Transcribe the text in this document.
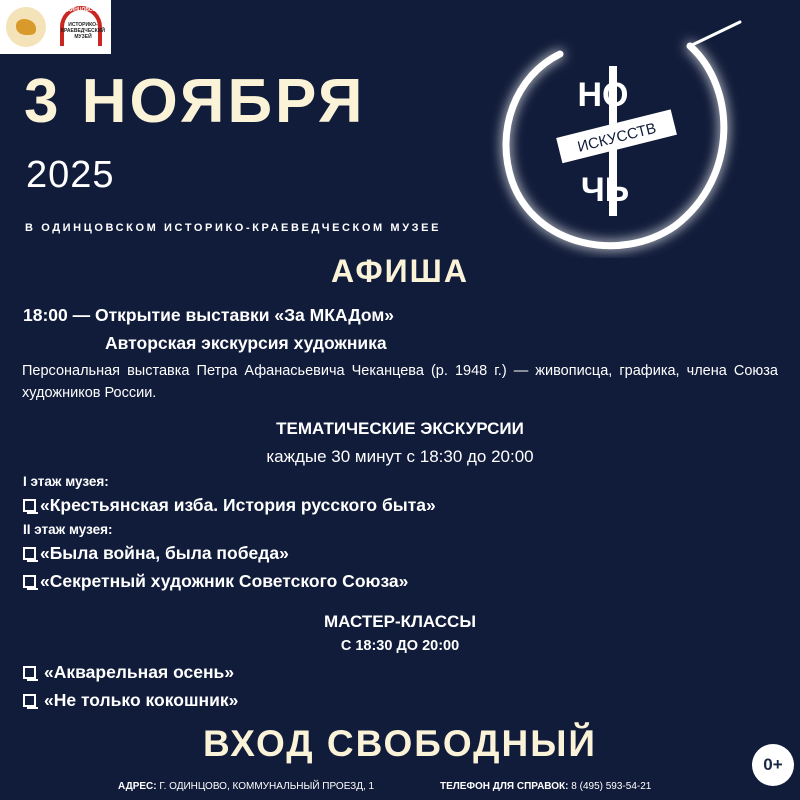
ОДИНЦОВСКИЙ
ИСТОРИКО-
КРАЕВЕДЧЕСКИЙ
МУЗЕЙ
3 НОЯБРЯ
2025
В ОДИНЦОВСКОМ ИСТОРИКО-КРАЕВЕДЧЕСКОМ МУЗЕЕ
ИСКУССТВ
НО
ЧЬ
АФИША
18:00 — Открытие выставки «За МКАДом»
Авторская экскурсия художника
Персональная выставка Петра Афанасьевича Чеканцева (р. 1948 г.) — живописца, графика, члена Союза художников России.
ТЕМАТИЧЕСКИЕ ЭКСКУРСИИ
каждые 30 минут с 18:30 до 20:00
I этаж музея:
«Крестьянская изба. История русского быта»
II этаж музея:
«Была война, была победа»
«Секретный художник Советского Союза»
МАСТЕР-КЛАССЫ
С 18:30 ДО 20:00
«Акварельная осень»
«Не только кокошник»
ВХОД СВОБОДНЫЙ
АДРЕС: Г. ОДИНЦОВО, КОММУНАЛЬНЫЙ ПРОЕЗД, 1	ТЕЛЕФОН ДЛЯ СПРАВОК: 8 (495) 593-54-21
0+
